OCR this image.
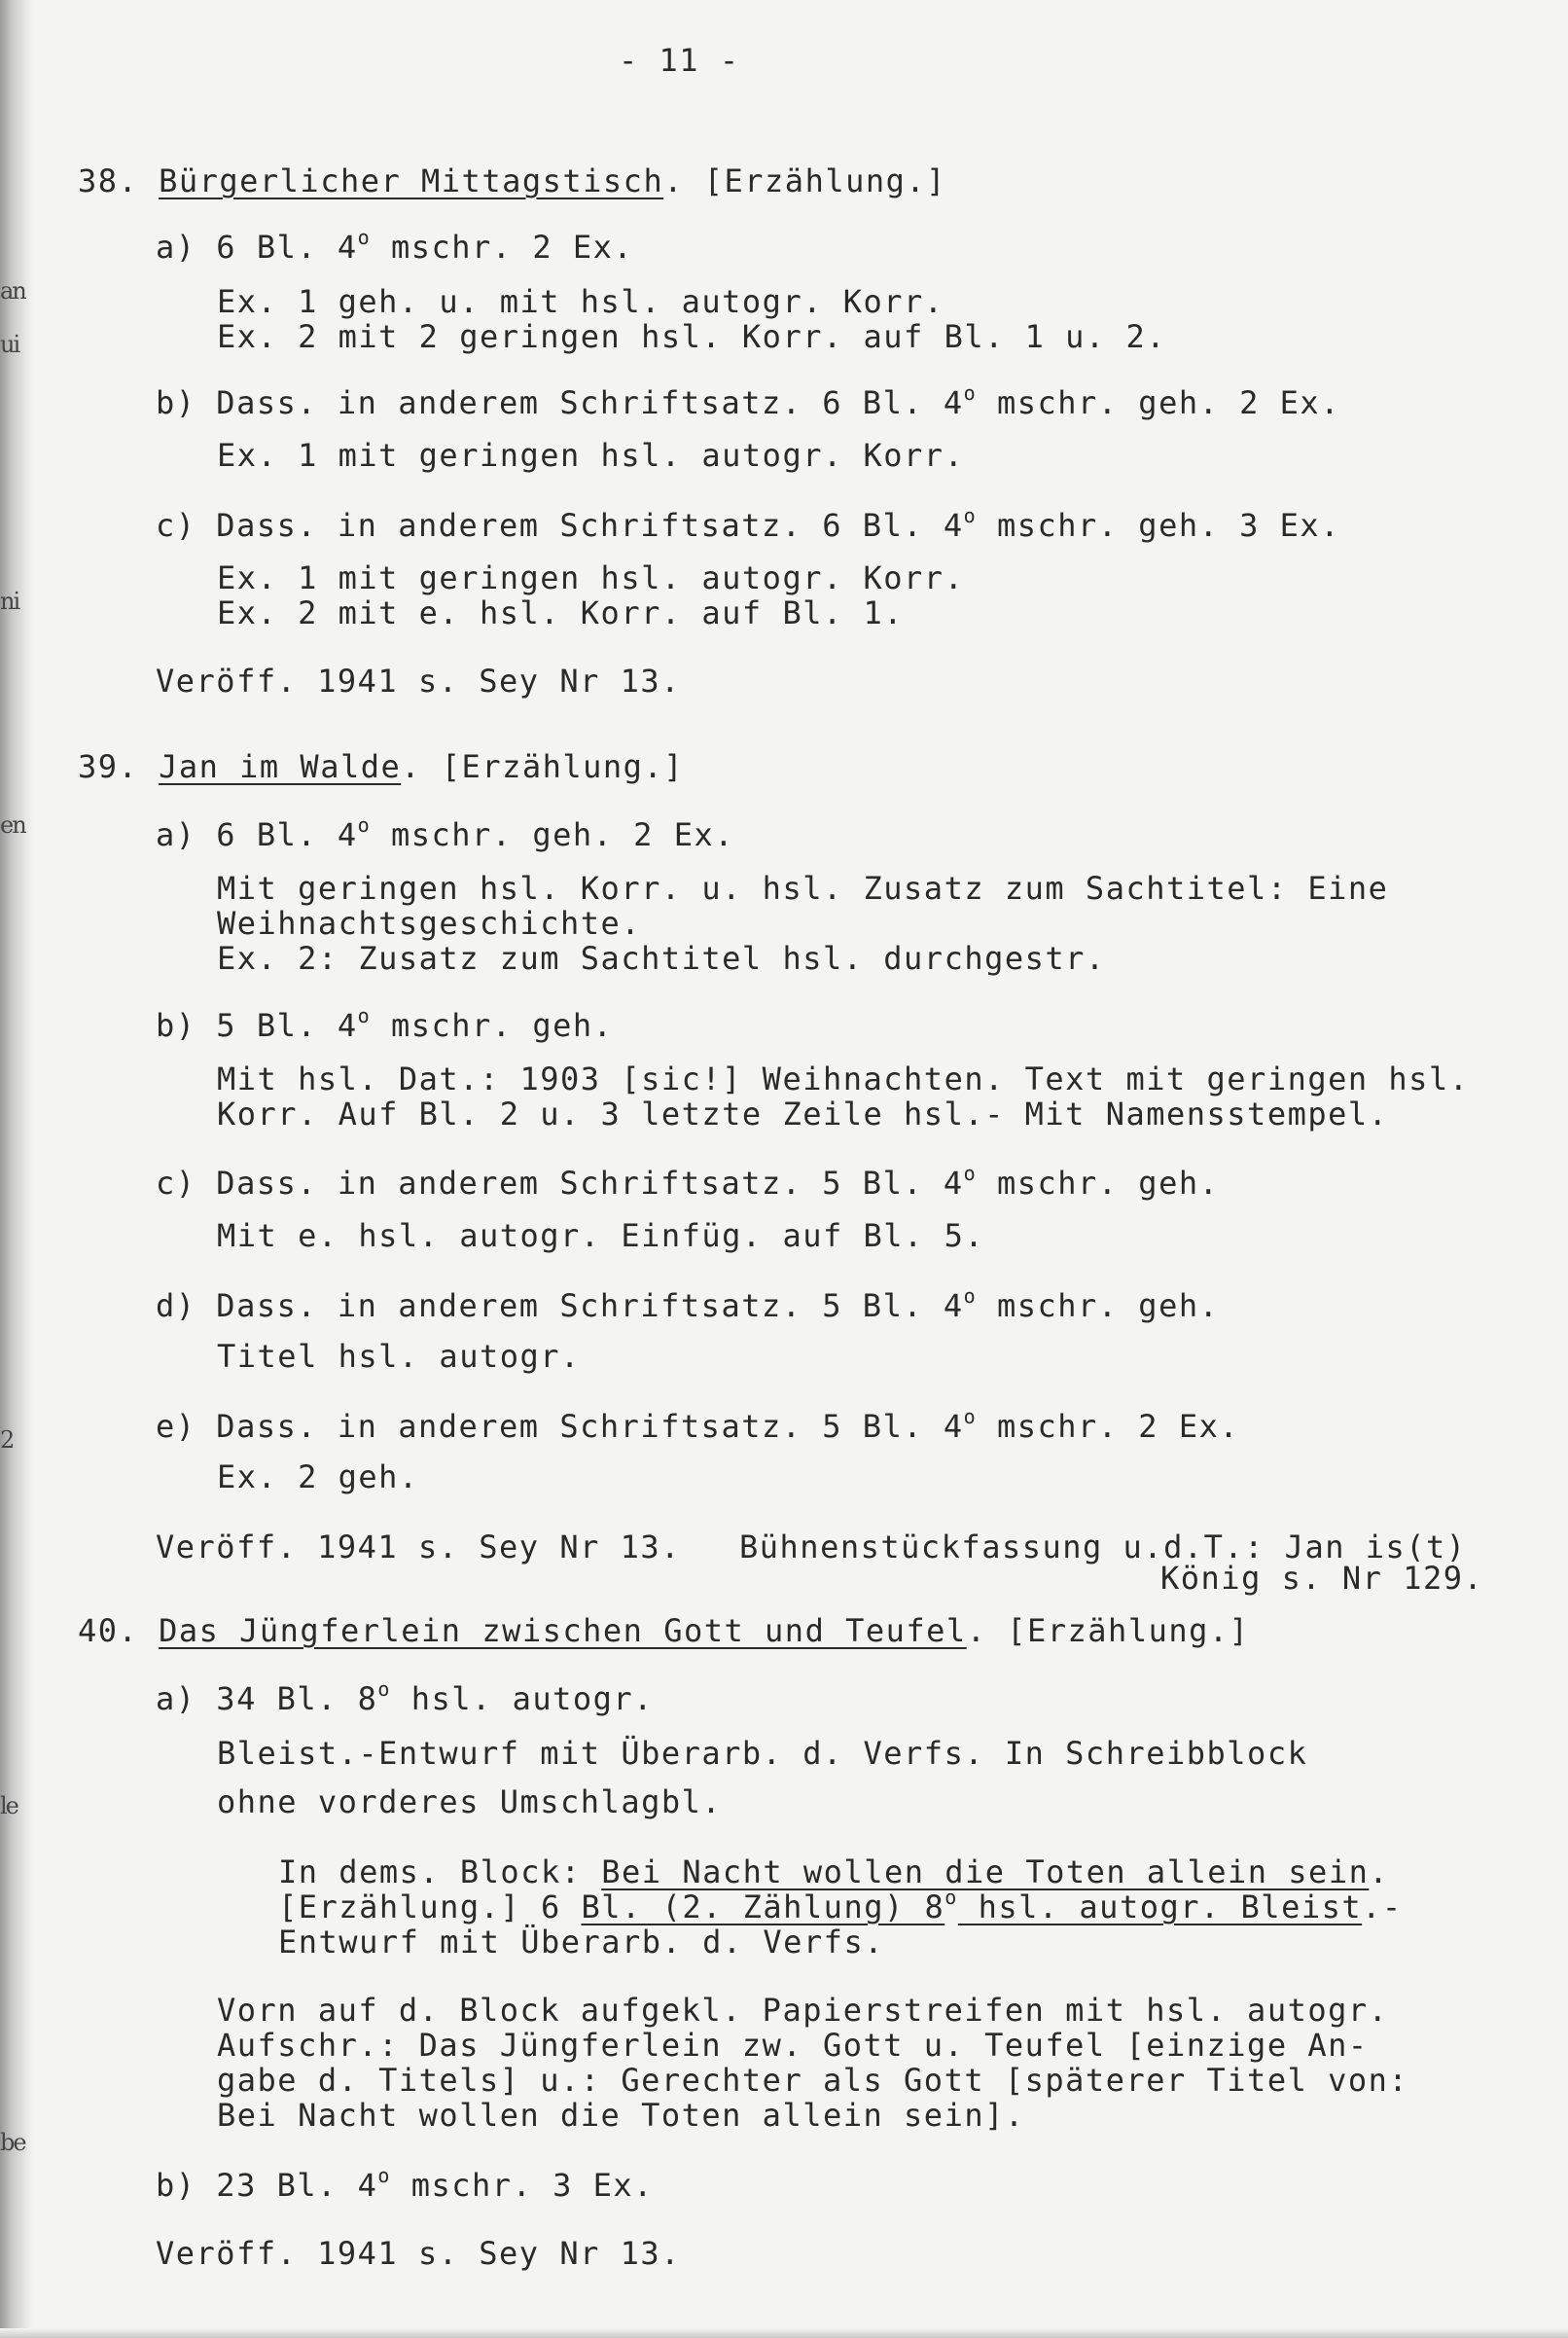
an
ui
ni
en
2
le
be
- 11 -
38. Bürgerlicher Mittagstisch. [Erzählung.]
a) 6 Bl. 4$^o$ mschr. 2 Ex.
Ex. 1 geh. u. mit hsl. autogr. Korr.
Ex. 2 mit 2 geringen hsl. Korr. auf Bl. 1 u. 2.
b) Dass. in anderem Schriftsatz. 6 Bl. 4$^o$ mschr. geh. 2 Ex.
Ex. 1 mit geringen hsl. autogr. Korr.
c) Dass. in anderem Schriftsatz. 6 Bl. 4$^o$ mschr. geh. 3 Ex.
Ex. 1 mit geringen hsl. autogr. Korr.
Ex. 2 mit e. hsl. Korr. auf Bl. 1.
Veröff. 1941 s. Sey Nr 13.
39. Jan im Walde. [Erzählung.]
a) 6 Bl. 4$^o$ mschr. geh. 2 Ex.
Mit geringen hsl. Korr. u. hsl. Zusatz zum Sachtitel: Eine
Weihnachtsgeschichte.
Ex. 2: Zusatz zum Sachtitel hsl. durchgestr.
b) 5 Bl. 4$^o$ mschr. geh.
Mit hsl. Dat.: 1903 [sic!] Weihnachten. Text mit geringen hsl.
Korr. Auf Bl. 2 u. 3 letzte Zeile hsl.- Mit Namensstempel.
c) Dass. in anderem Schriftsatz. 5 Bl. 4$^o$ mschr. geh.
Mit e. hsl. autogr. Einfüg. auf Bl. 5.
d) Dass. in anderem Schriftsatz. 5 Bl. 4$^o$ mschr. geh.
Titel hsl. autogr.
e) Dass. in anderem Schriftsatz. 5 Bl. 4$^o$ mschr. 2 Ex.
Ex. 2 geh.
Veröff. 1941 s. Sey Nr 13. Bühnenstückfassung u.d.T.: Jan is(t)
König s. Nr 129.
40. Das Jüngferlein zwischen Gott und Teufel. [Erzählung.]
a) 34 Bl. 8$^o$ hsl. autogr.
Bleist.-Entwurf mit Überarb. d. Verfs. In Schreibblock
ohne vorderes Umschlagbl.
In dems. Block: Bei Nacht wollen die Toten allein sein.
[Erzählung.] 6 Bl. (2. Zählung) 8$^o$ hsl. autogr. Bleist.-
Entwurf mit Überarb. d. Verfs.
Vorn auf d. Block aufgekl. Papierstreifen mit hsl. autogr.
Aufschr.: Das Jüngferlein zw. Gott u. Teufel [einzige An-
gabe d. Titels] u.: Gerechter als Gott [späterer Titel von:
Bei Nacht wollen die Toten allein sein].
b) 23 Bl. 4$^o$ mschr. 3 Ex.
Veröff. 1941 s. Sey Nr 13.
